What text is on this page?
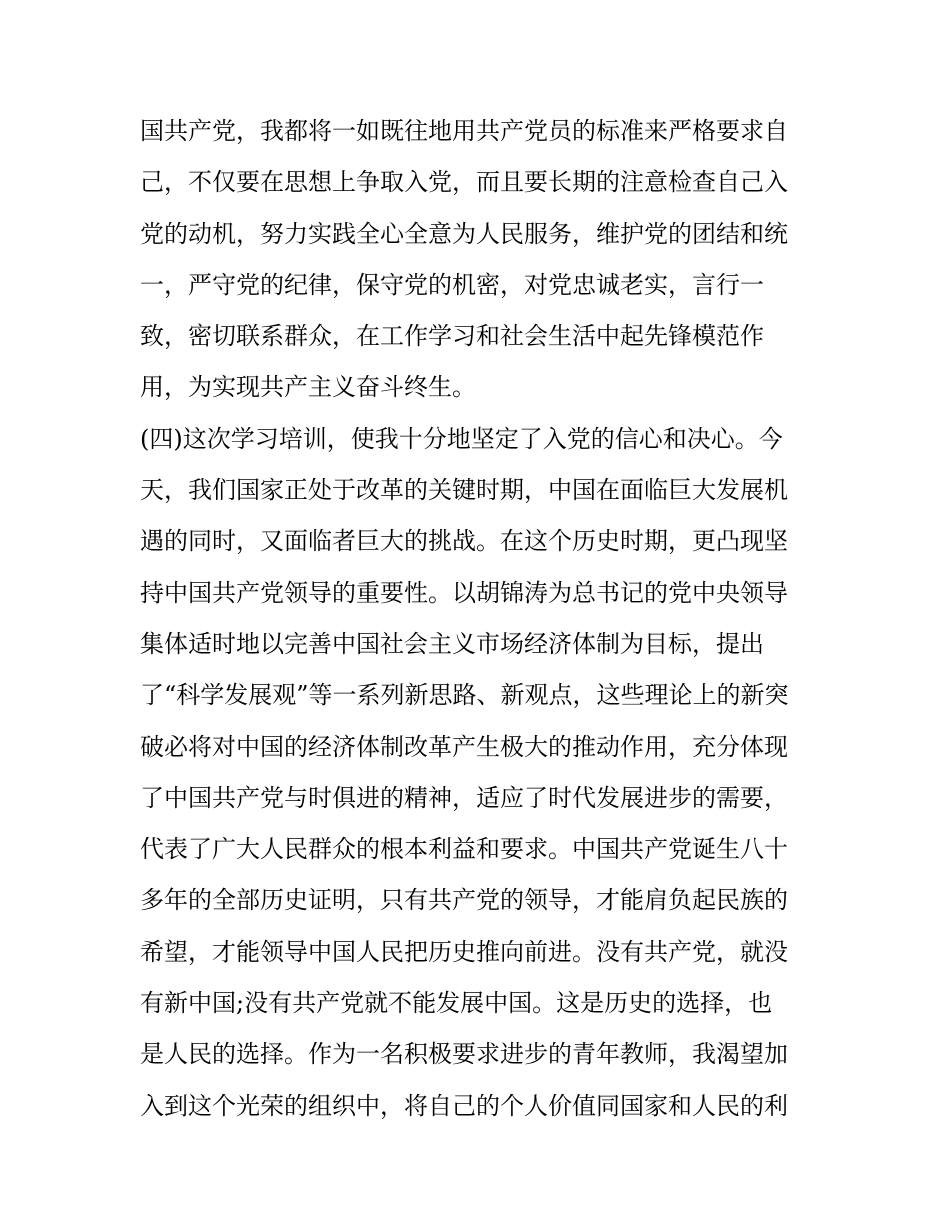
国共产党，我都将一如既往地用共产党员的标准来严格要求自
己，不仅要在思想上争取入党，而且要长期的注意检查自己入
党的动机，努力实践全心全意为人民服务，维护党的团结和统
一，严守党的纪律，保守党的机密，对党忠诚老实，言行一
致，密切联系群众，在工作学习和社会生活中起先锋模范作
用，为实现共产主义奋斗终生。
(四)这次学习培训，使我十分地坚定了入党的信心和决心。今
天，我们国家正处于改革的关键时期，中国在面临巨大发展机
遇的同时，又面临者巨大的挑战。在这个历史时期，更凸现坚
持中国共产党领导的重要性。以胡锦涛为总书记的党中央领导
集体适时地以完善中国社会主义市场经济体制为目标，提出
了“科学发展观”等一系列新思路、新观点，这些理论上的新突
破必将对中国的经济体制改革产生极大的推动作用，充分体现
了中国共产党与时俱进的精神，适应了时代发展进步的需要，
代表了广大人民群众的根本利益和要求。中国共产党诞生八十
多年的全部历史证明，只有共产党的领导，才能肩负起民族的
希望，才能领导中国人民把历史推向前进。没有共产党，就没
有新中国;没有共产党就不能发展中国。这是历史的选择，也
是人民的选择。作为一名积极要求进步的青年教师，我渴望加
入到这个光荣的组织中，将自己的个人价值同国家和人民的利
